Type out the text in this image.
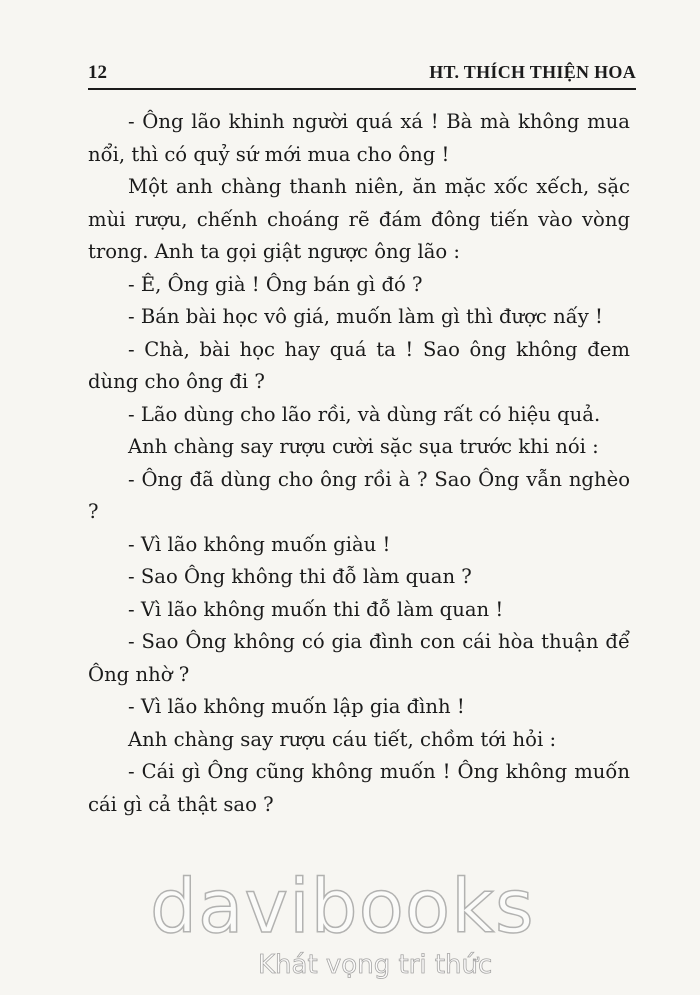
12	HT. THÍCH THIỆN HOA

- Ông lão khinh người quá xá ! Bà mà không mua nổi, thì có quỷ sứ mới mua cho ông !

Một anh chàng thanh niên, ăn mặc xốc xếch, sặc mùi rượu, chếnh choáng rẽ đám đông tiến vào vòng trong. Anh ta gọi giật ngược ông lão :

- Ê, Ông già ! Ông bán gì đó ?

- Bán bài học vô giá, muốn làm gì thì được nấy !

- Chà, bài học hay quá ta ! Sao ông không đem dùng cho ông đi ?

- Lão dùng cho lão rồi, và dùng rất có hiệu quả.

Anh chàng say rượu cười sặc sụa trước khi nói :

- Ông đã dùng cho ông rồi à ? Sao Ông vẫn nghèo ?

- Vì lão không muốn giàu !

- Sao Ông không thi đỗ làm quan ?

- Vì lão không muốn thi đỗ làm quan !

- Sao Ông không có gia đình con cái hòa thuận để Ông nhờ ?

- Vì lão không muốn lập gia đình !

Anh chàng say rượu cáu tiết, chồm tới hỏi :

- Cái gì Ông cũng không muốn ! Ông không muốn cái gì cả thật sao ?

davibooks
Khát vọng tri thức
